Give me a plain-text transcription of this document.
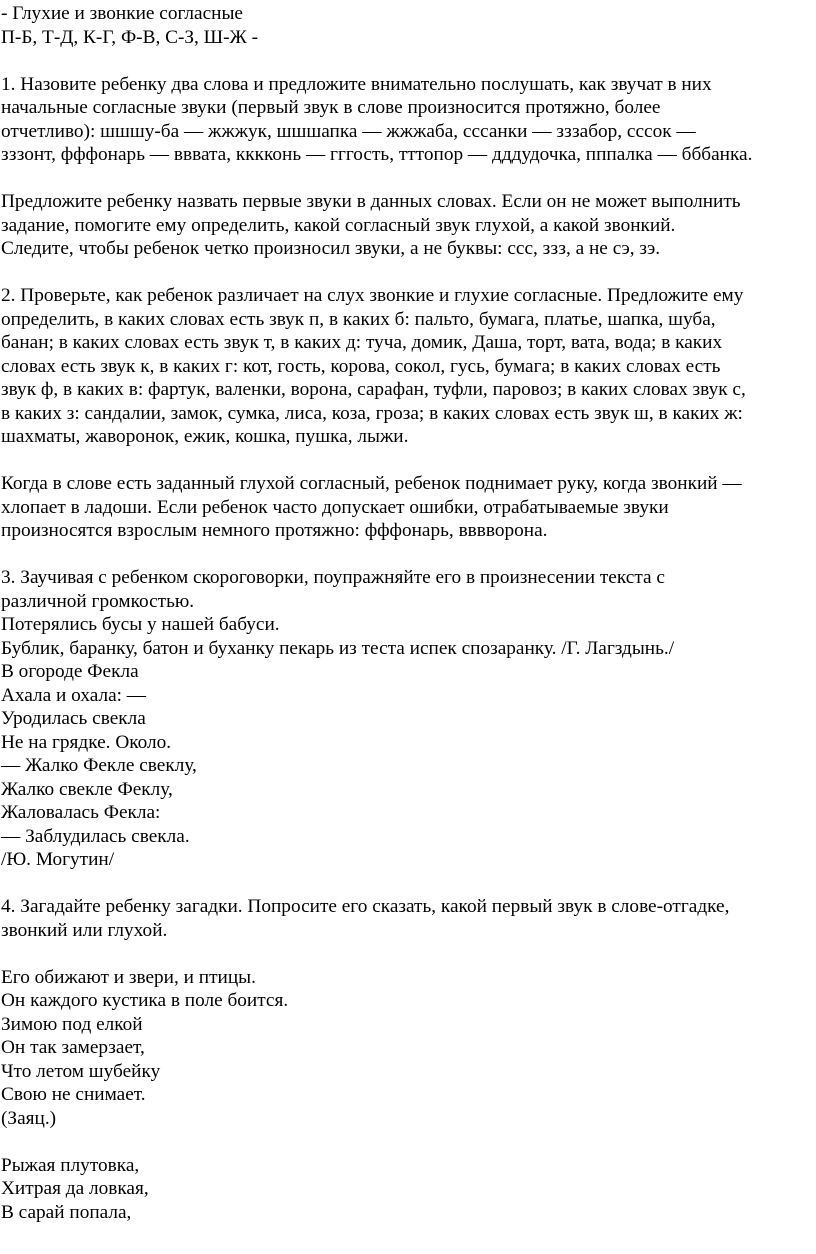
- Глухие и звонкие согласные
П-Б, Т-Д, К-Г, Ф-В, С-З, Ш-Ж -
1. Назовите ребенку два слова и предложите внимательно послушать, как звучат в них
начальные согласные звуки (первый звук в слове произносится протяжно, более
отчетливо): шшшу-ба — жжжук, шшшапка — жжжаба, сссанки — зззабор, сссок —
зззонт, фффонарь — вввата, кккконь — гггость, тттопор — дддудочка, пппалка — бббанка.
Предложите ребенку назвать первые звуки в данных словах. Если он не может выполнить
задание, помогите ему определить, какой согласный звук глухой, а какой звонкий.
Следите, чтобы ребенок четко произносил звуки, а не буквы: ссс, ззз, а не сэ, зэ.
2. Проверьте, как ребенок различает на слух звонкие и глухие согласные. Предложите ему
определить, в каких словах есть звук п, в каких б: пальто, бумага, платье, шапка, шуба,
банан; в каких словах есть звук т, в каких д: туча, домик, Даша, торт, вата, вода; в каких
словах есть звук к, в каких г: кот, гость, корова, сокол, гусь, бумага; в каких словах есть
звук ф, в каких в: фартук, валенки, ворона, сарафан, туфли, паровоз; в каких словах звук с,
в каких з: сандалии, замок, сумка, лиса, коза, гроза; в каких словах есть звук ш, в каких ж:
шахматы, жаворонок, ежик, кошка, пушка, лыжи.
Когда в слове есть заданный глухой согласный, ребенок поднимает руку, когда звонкий —
хлопает в ладоши. Если ребенок часто допускает ошибки, отрабатываемые звуки
произносятся взрослым немного протяжно: фффонарь, вввворона.
3. Заучивая с ребенком скороговорки, поупражняйте его в произнесении текста с
различной громкостью.
Потерялись бусы у нашей бабуси.
Бублик, баранку, батон и буханку пекарь из теста испек спозаранку. /Г. Лагздынь./
В огороде Фекла
Ахала и охала: —
Уродилась свекла
Не на грядке. Около.
— Жалко Фекле свеклу,
Жалко свекле Феклу,
Жаловалась Фекла:
— Заблудилась свекла.
/Ю. Могутин/
4. Загадайте ребенку загадки. Попросите его сказать, какой первый звук в слове-отгадке,
звонкий или глухой.
Его обижают и звери, и птицы.
Он каждого кустика в поле боится.
Зимою под елкой
Он так замерзает,
Что летом шубейку
Свою не снимает.
(Заяц.)
Рыжая плутовка,
Хитрая да ловкая,
В сарай попала,
